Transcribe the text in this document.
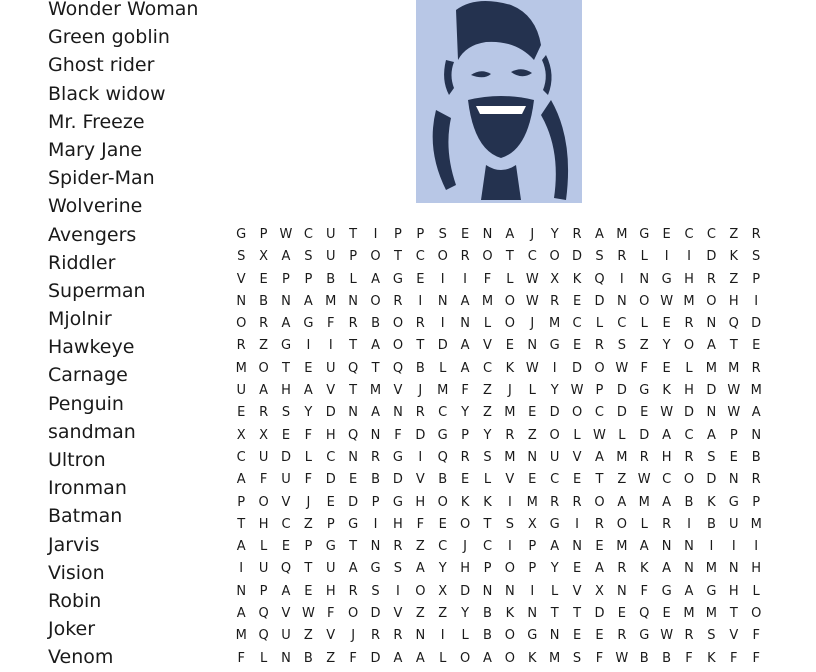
Wonder Woman
Green goblin
Ghost rider
Black widow
Mr. Freeze
Mary Jane
Spider-Man
Wolverine
Avengers
Riddler
Superman
Mjolnir
Hawkeye
Carnage
Penguin
sandman
Ultron
Ironman
Batman
Jarvis
Vision
Robin
Joker
Venom
G P W C U T I P P S E N A J Y R A M G E C C Z R
S X A S U P O T C O R O T C O D S R L I I D K S
V E P P B L A G E I I F L W X K Q I N G H R Z P
N B N A M N O R I N A M O W R E D N O W M O H I
O R A G F R B O R I N L O J M C L C L E R N Q D
R Z G I I T A O T D A V E N G E R S Z Y O A T E
M O T E U Q T Q B L A C K W I D O W F E L M M R
U A H A V T M V J M F Z J L Y W P D G K H D W M
E R S Y D N A N R C Y Z M E D O C D E W D N W A
X X E F H Q N F D G P Y R Z O L W L D A C A P N
C U D L C N R G I Q R S M N U V A M R H R S E B
A F U F D E B D V B E L V E C E T Z W C O D N R
P O V J E D P G H O K K I M R R O A M A B K G P
T H C Z P G I H F E O T S X G I R O L R I B U M
A L E P G T N R Z C J C I P A N E M A N N I I I
I U Q T U A G S A Y H P O P Y E A R K A N M N H
N P A E H R S I O X D N N I L V X N F G A G H L
A Q V W F O D V Z Z Y B K N T T D E Q E M M T O
M Q U Z V J R R N I L B O G N E E R G W R S V F
F L N B Z F D A A L O A O K M S F W B B F K F F
